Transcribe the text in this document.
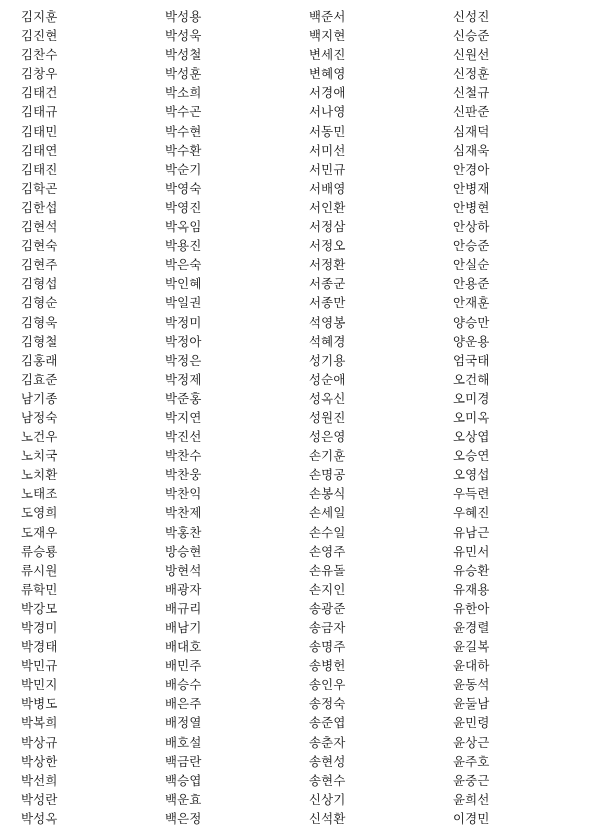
김지훈	박성용	백준서	신성진
김진현	박성욱	백지현	신승준
김찬수	박성철	변세진	신원선
김창우	박성훈	변혜영	신정훈
김태건	박소희	서경애	신철규
김태규	박수곤	서나영	신판준
김태민	박수현	서동민	심재덕
김태연	박수환	서미선	심재욱
김태진	박순기	서민규	안경아
김학곤	박영숙	서배영	안병재
김한섭	박영진	서인환	안병현
김현석	박옥임	서정삼	안상하
김현숙	박용진	서정오	안승준
김현주	박은숙	서정환	안실순
김형섭	박인혜	서종군	안용준
김형순	박일권	서종만	안재훈
김형욱	박정미	석영봉	양승만
김형철	박정아	석혜경	양운용
김홍래	박정은	성기용	엄국태
김효준	박정제	성순애	오건해
남기종	박준홍	성옥신	오미경
남정숙	박지연	성원진	오미옥
노건우	박진선	성은영	오상엽
노치국	박찬수	손기훈	오승연
노치환	박찬웅	손명공	오영섭
노태조	박찬익	손봉식	우득련
도영희	박찬제	손세일	우혜진
도재우	박홍찬	손수일	유남근
류승룡	방승현	손영주	유민서
류시원	방현석	손유돌	유승환
류학민	배광자	손지인	유재용
박강모	배규리	송광준	유한아
박경미	배남기	송금자	윤경렬
박경태	배대호	송명주	윤길복
박민규	배민주	송병헌	윤대하
박민지	배승수	송인우	윤동석
박병도	배은주	송정숙	윤둘남
박복희	배정열	송준엽	윤민령
박상규	배호설	송춘자	윤상근
박상한	백금란	송현성	윤주호
박선희	백승엽	송현수	윤중근
박성란	백운효	신상기	윤희선
박성옥	백은정	신석환	이경민
